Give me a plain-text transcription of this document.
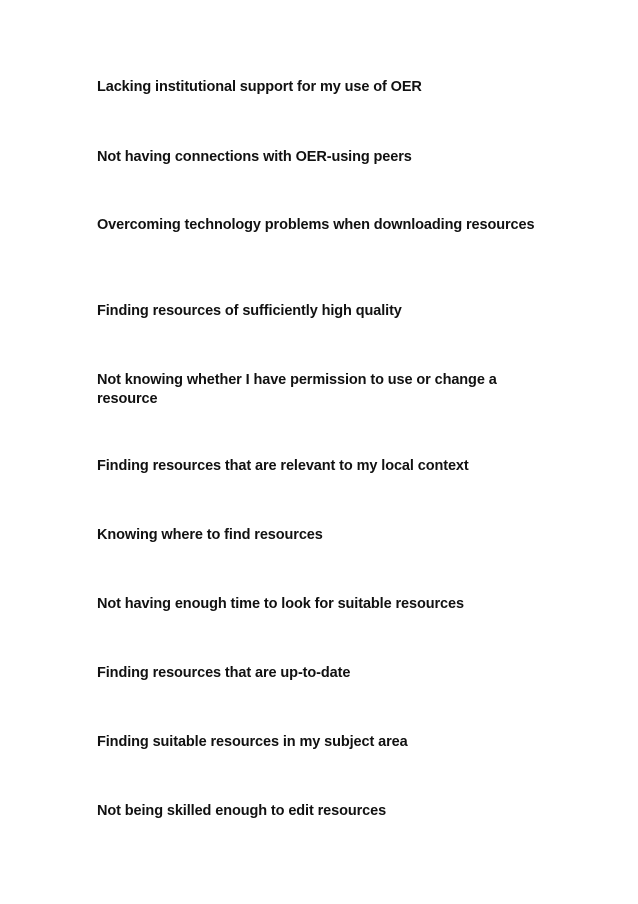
Lacking institutional support for my use of OER
Not having connections with OER-using peers
Overcoming technology problems when downloading resources
Finding resources of sufficiently high quality
Not knowing whether I have permission to use or change a resource
Finding resources that are relevant to my local context
Knowing where to find resources
Not having enough time to look for suitable resources
Finding resources that are up-to-date
Finding suitable resources in my subject area
Not being skilled enough to edit resources
